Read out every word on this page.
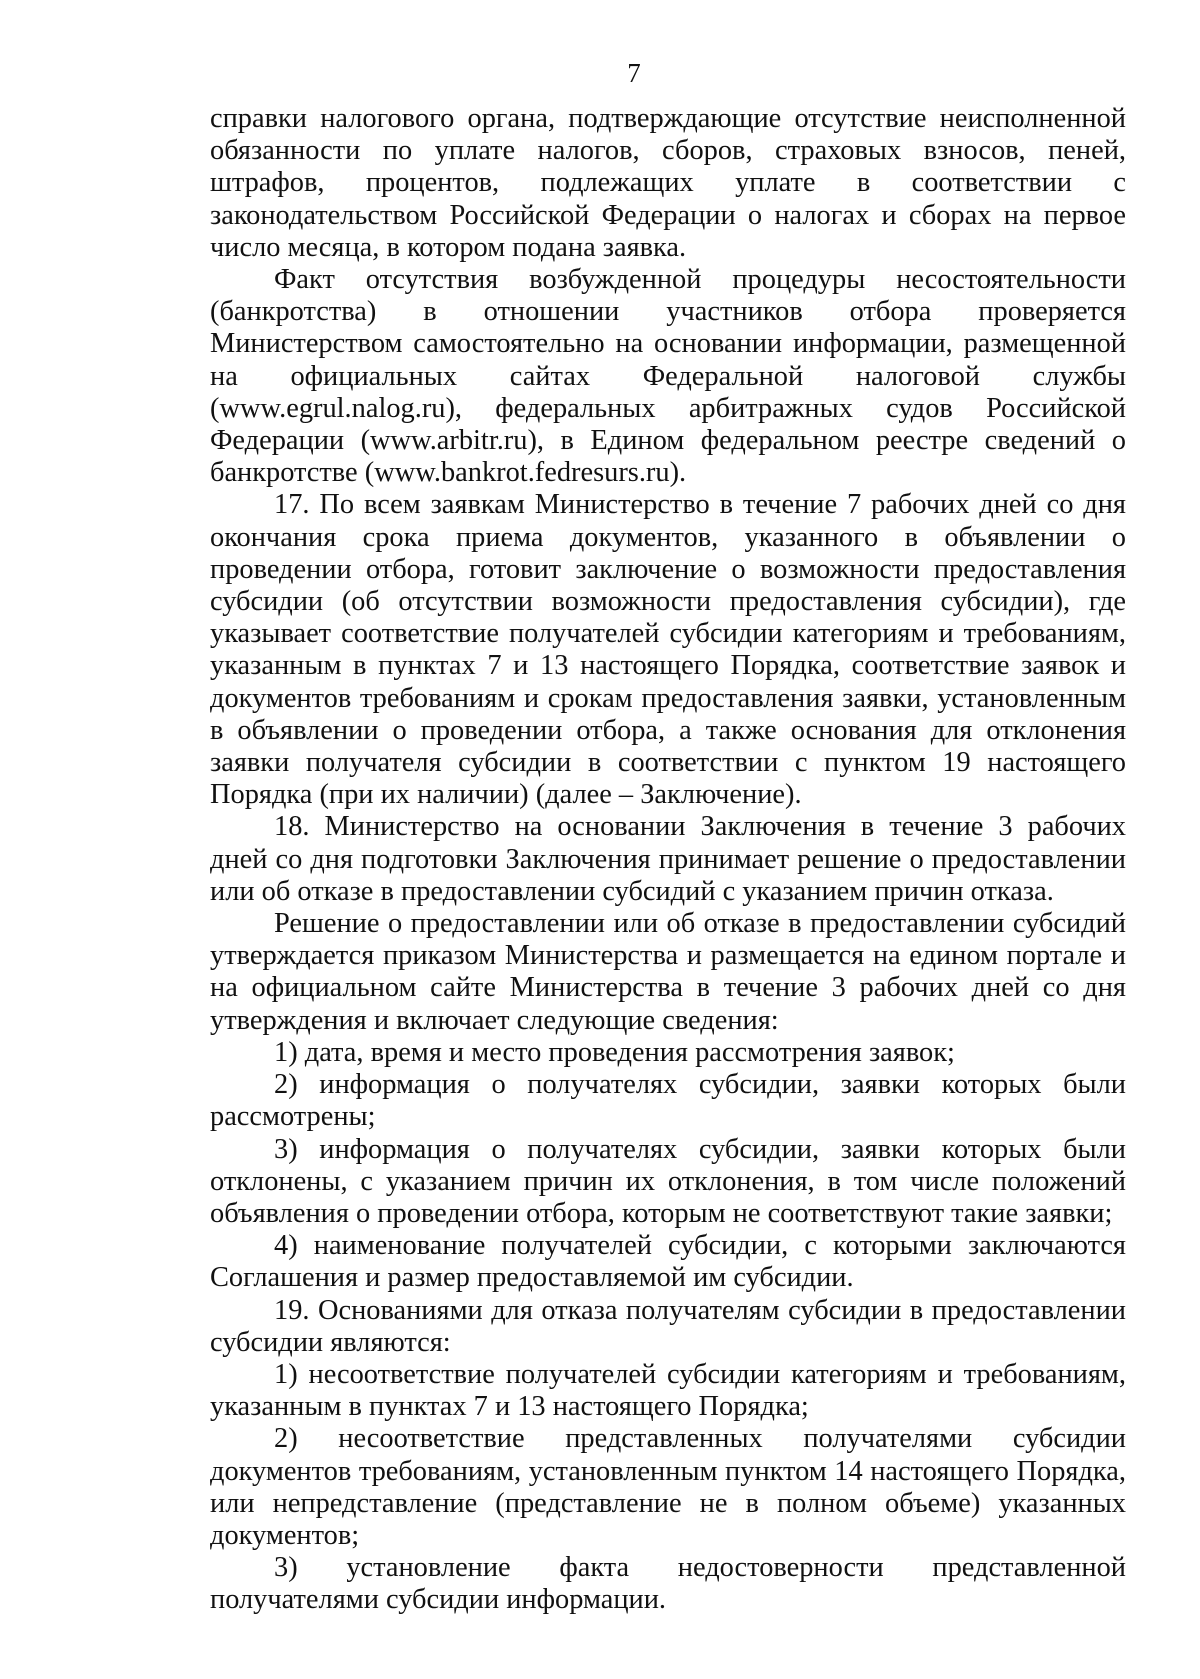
7

справки налогового органа, подтверждающие отсутствие неисполненной обязанности по уплате налогов, сборов, страховых взносов, пеней, штрафов, процентов, подлежащих уплате в соответствии с законодательством Российской Федерации о налогах и сборах на первое число месяца, в котором подана заявка.

Факт отсутствия возбужденной процедуры несостоятельности (банкротства) в отношении участников отбора проверяется Министерством самостоятельно на основании информации, размещенной на официальных сайтах Федеральной налоговой службы (www.egrul.nalog.ru), федеральных арбитражных судов Российской Федерации (www.arbitr.ru), в Едином федеральном реестре сведений о банкротстве (www.bankrot.fedresurs.ru).

17. По всем заявкам Министерство в течение 7 рабочих дней со дня окончания срока приема документов, указанного в объявлении о проведении отбора, готовит заключение о возможности предоставления субсидии (об отсутствии возможности предоставления субсидии), где указывает соответствие получателей субсидии категориям и требованиям, указанным в пунктах 7 и 13 настоящего Порядка, соответствие заявок и документов требованиям и срокам предоставления заявки, установленным в объявлении о проведении отбора, а также основания для отклонения заявки получателя субсидии в соответствии с пунктом 19 настоящего Порядка (при их наличии) (далее – Заключение).

18. Министерство на основании Заключения в течение 3 рабочих дней со дня подготовки Заключения принимает решение о предоставлении или об отказе в предоставлении субсидий с указанием причин отказа.

Решение о предоставлении или об отказе в предоставлении субсидий утверждается приказом Министерства и размещается на едином портале и на официальном сайте Министерства в течение 3 рабочих дней со дня утверждения и включает следующие сведения:

1) дата, время и место проведения рассмотрения заявок;

2) информация о получателях субсидии, заявки которых были рассмотрены;

3) информация о получателях субсидии, заявки которых были отклонены, с указанием причин их отклонения, в том числе положений объявления о проведении отбора, которым не соответствуют такие заявки;

4) наименование получателей субсидии, с которыми заключаются Соглашения и размер предоставляемой им субсидии.

19. Основаниями для отказа получателям субсидии в предоставлении субсидии являются:

1) несоответствие получателей субсидии категориям и требованиям, указанным в пунктах 7 и 13 настоящего Порядка;

2) несоответствие представленных получателями субсидии документов требованиям, установленным пунктом 14 настоящего Порядка, или непредставление (представление не в полном объеме) указанных документов;

3) установление факта недостоверности представленной получателями субсидии информации.
